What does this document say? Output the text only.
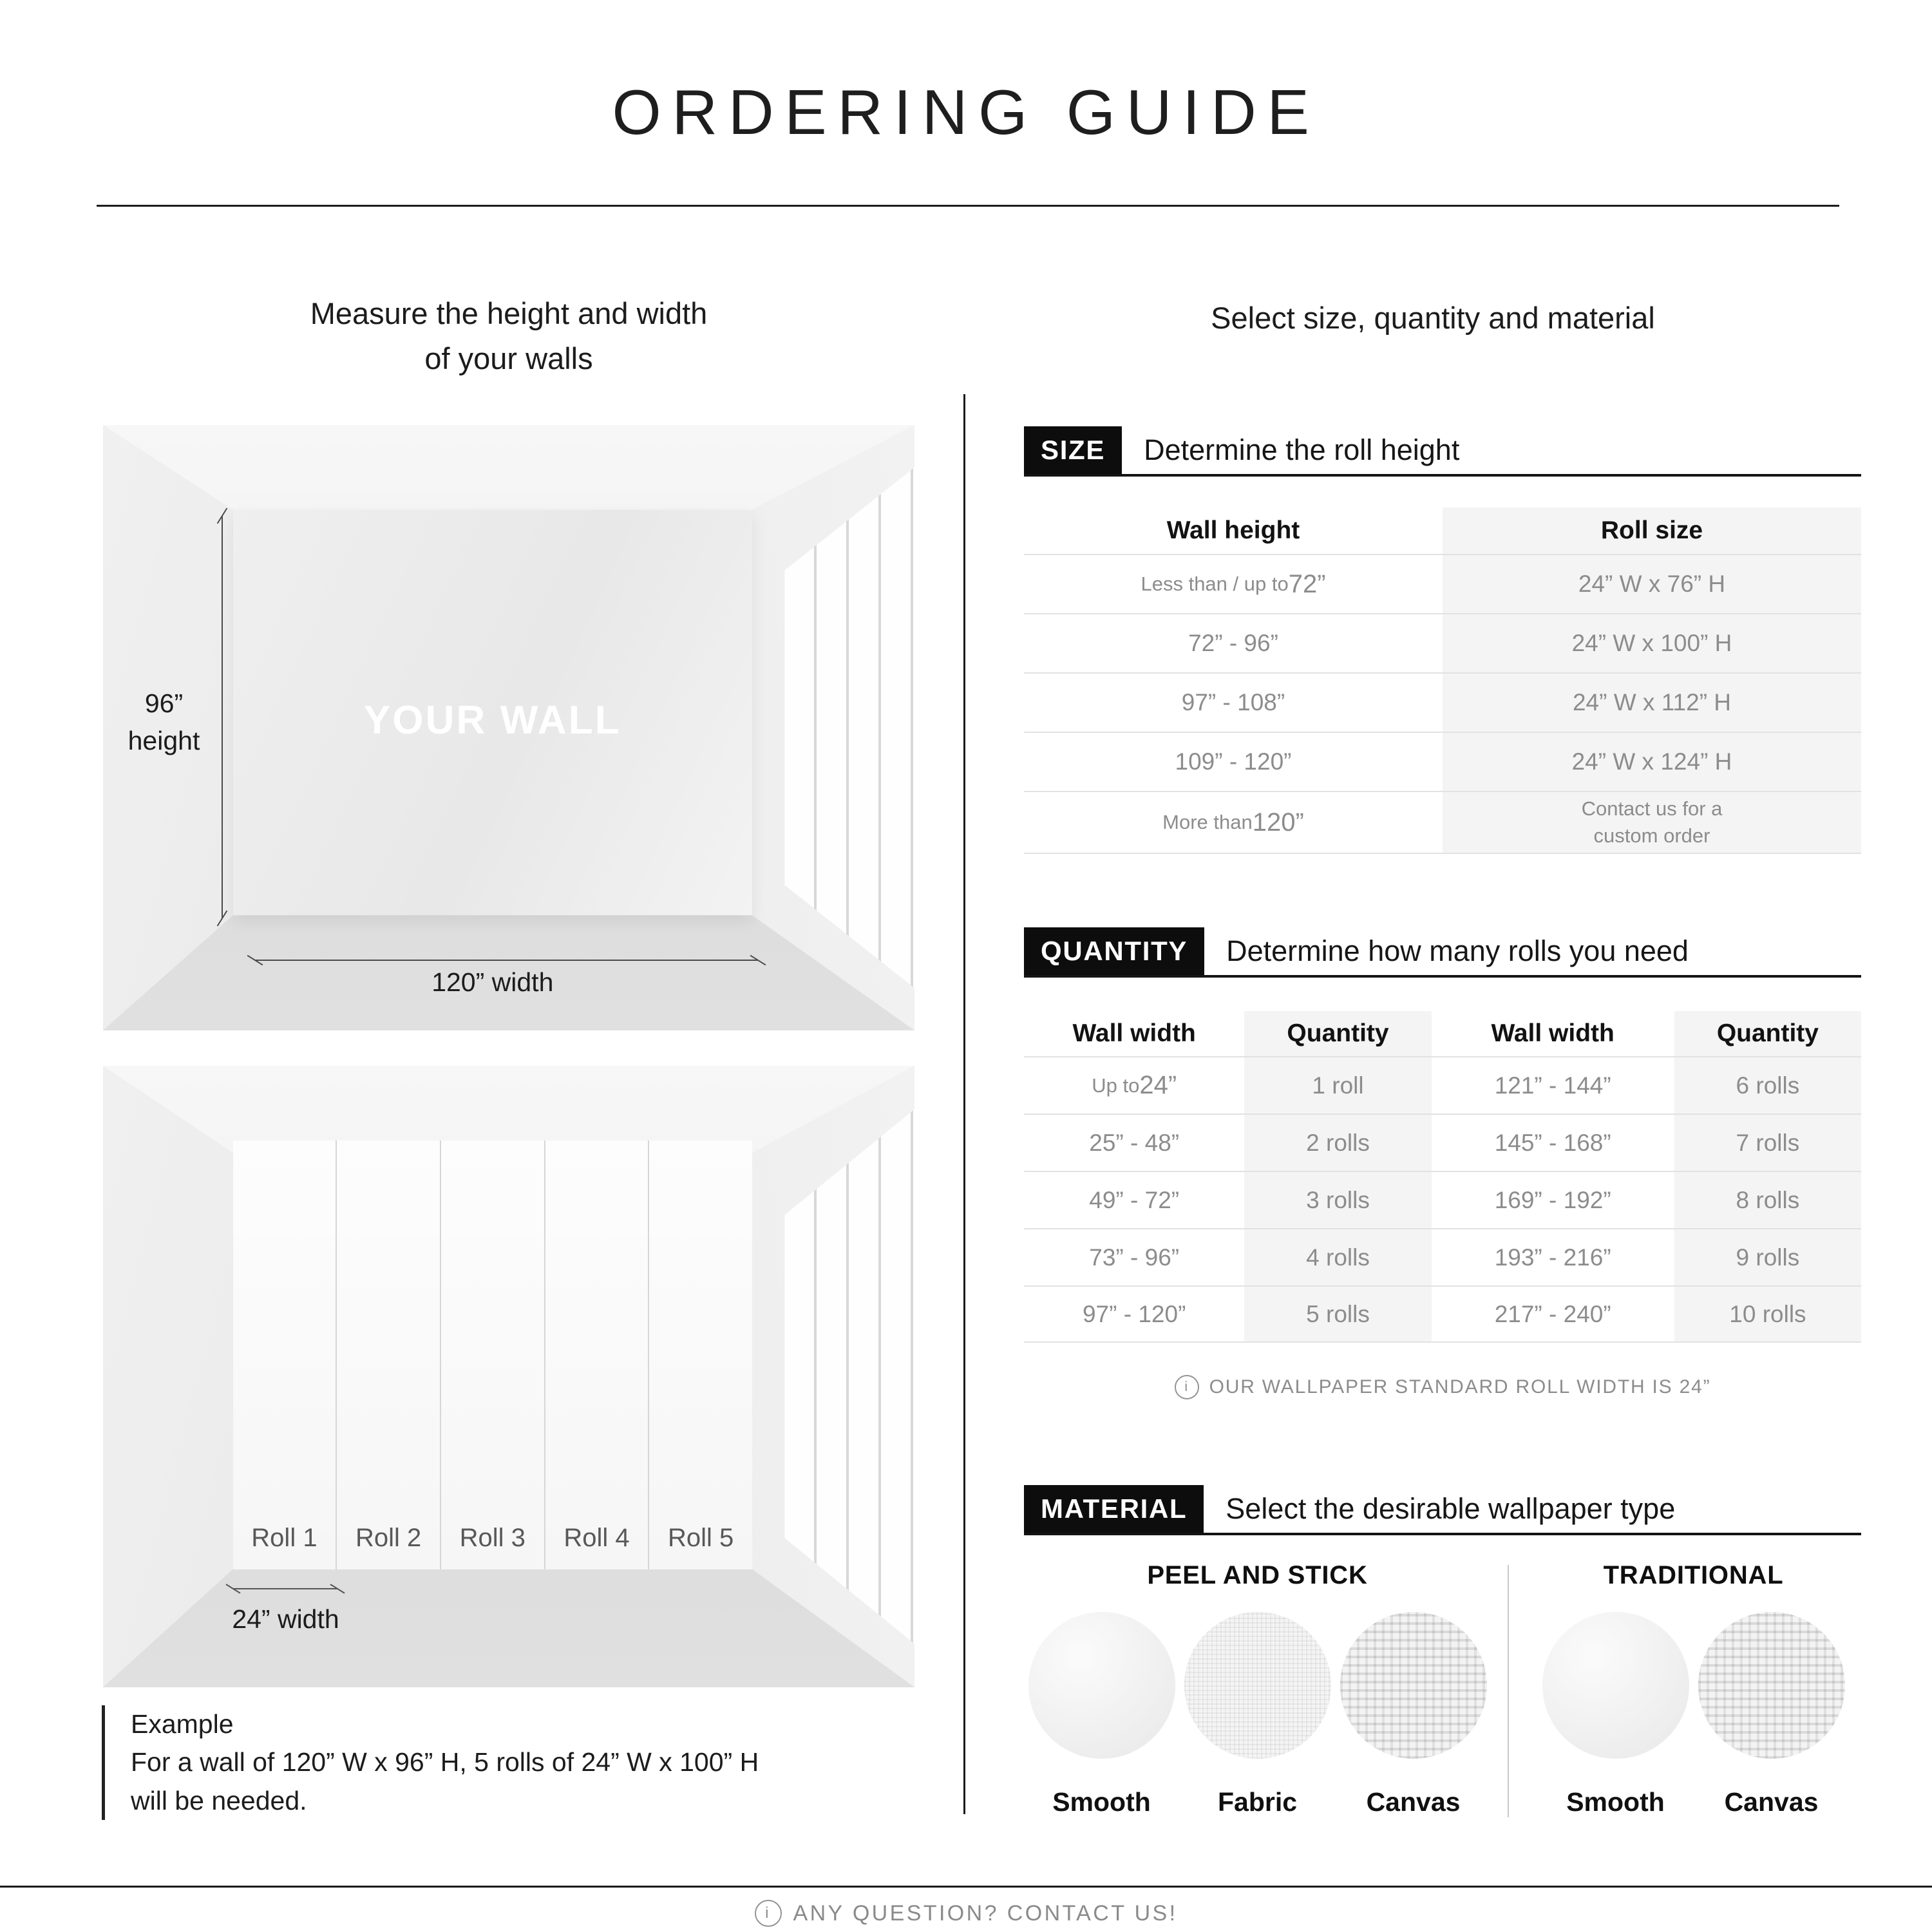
ORDERING GUIDE
Measure the height and width
of your walls
YOUR WALL
96”
height
120” width
Roll 1 Roll 2 Roll 3 Roll 4 Roll 5
24” width
Example
For a wall of 120” W x 96” H, 5 rolls of 24” W x 100” H
will be needed.
Select size, quantity and material
SIZE	Determine the roll height
Wall height	Roll size
Less than / up to 72”	24” W x 76” H
72” - 96”	24” W x 100” H
97” - 108”	24” W x 112” H
109” - 120”	24” W x 124” H
More than 120”	Contact us for a
custom order
QUANTITY	Determine how many rolls you need
Wall width	Quantity	Wall width	Quantity
Up to 24”	1 roll	121” - 144”	6 rolls
25” - 48”	2 rolls	145” - 168”	7 rolls
49” - 72”	3 rolls	169” - 192”	8 rolls
73” - 96”	4 rolls	193” - 216”	9 rolls
97” - 120”	5 rolls	217” - 240”	10 rolls
i	OUR WALLPAPER STANDARD ROLL WIDTH IS 24”
MATERIAL	Select the desirable wallpaper type
PEEL AND STICK
Smooth	Fabric	Canvas
TRADITIONAL
Smooth Canvas
i	ANY QUESTION? CONTACT US!
